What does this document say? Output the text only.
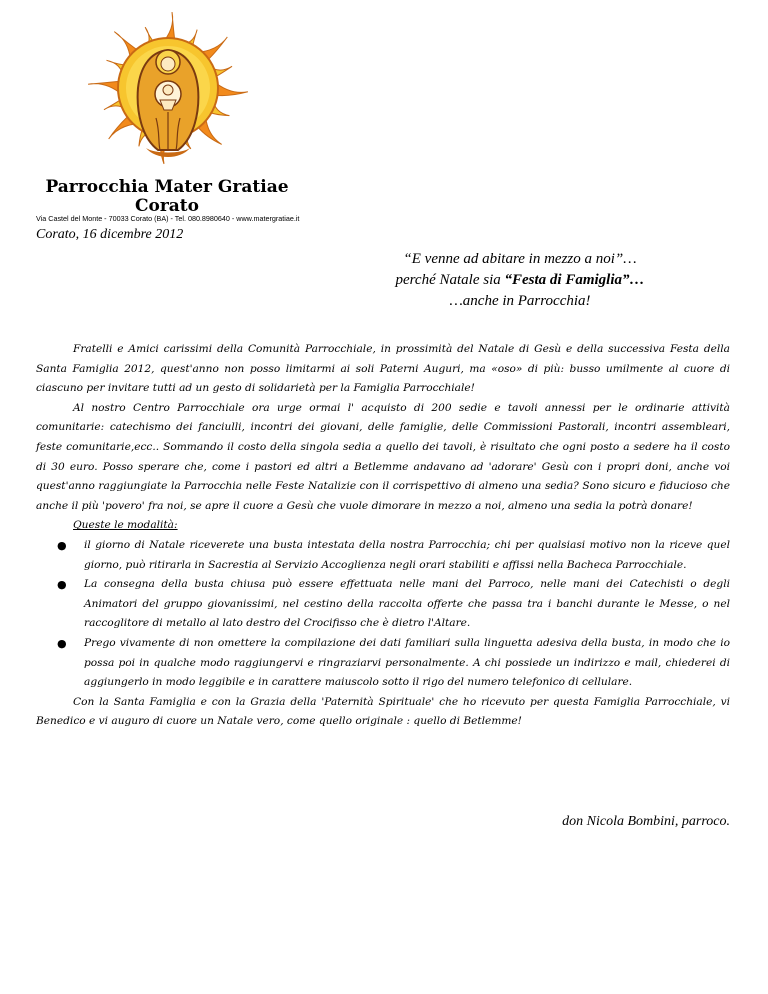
Parrocchia Mater Gratiae
Corato
Via Castel del Monte - 70033 Corato (BA) - Tel. 080.8980640 - www.matergratiae.it
Corato, 16 dicembre 2012
“E venne ad abitare in mezzo a noi”…
perché Natale sia “Festa di Famiglia”…
…anche in Parrocchia!

Fratelli e Amici carissimi della Comunità Parrocchiale, in prossimità del Natale di Gesù e della successiva Festa della Santa Famiglia 2012, quest'anno non posso limitarmi ai soli Paterni Auguri, ma «oso» di più: busso umilmente al cuore di ciascuno per invitare tutti ad un gesto di solidarietà per la Famiglia Parrocchiale!

Al nostro Centro Parrocchiale ora urge ormai l' acquisto di 200 sedie e tavoli annessi per le ordinarie attività comunitarie: catechismo dei fanciulli, incontri dei giovani, delle famiglie, delle Commissioni Pastorali, incontri assembleari, feste comunitarie,ecc.. Sommando il costo della singola sedia a quello dei tavoli, è risultato che ogni posto a sedere ha il costo di 30 euro. Posso sperare che, come i pastori ed altri a Betlemme andavano ad 'adorare' Gesù con i propri doni, anche voi quest'anno raggiungiate la Parrocchia nelle Feste Natalizie con il corrispettivo di almeno una sedia? Sono sicuro e fiducioso che anche il più 'povero' fra noi, se apre il cuore a Gesù che vuole dimorare in mezzo a noi, almeno una sedia la potrà donare!

Queste le modalità:
● il giorno di Natale riceverete una busta intestata della nostra Parrocchia; chi per qualsiasi motivo non la riceve quel giorno, può ritirarla in Sacrestia al Servizio Accoglienza negli orari stabiliti e affissi nella Bacheca Parrocchiale.
● La consegna della busta chiusa può essere effettuata nelle mani del Parroco, nelle mani dei Catechisti o degli Animatori del gruppo giovanissimi, nel cestino della raccolta offerte che passa tra i banchi durante le Messe, o nel raccoglitore di metallo al lato destro del Crocifisso che è dietro l'Altare.
● Prego vivamente di non omettere la compilazione dei dati familiari sulla linguetta adesiva della busta, in modo che io possa poi in qualche modo raggiungervi e ringraziarvi personalmente. A chi possiede un indirizzo e mail, chiederei di aggiungerlo in modo leggibile e in carattere maiuscolo sotto il rigo del numero telefonico di cellulare.

Con la Santa Famiglia e con la Grazia della 'Paternità Spirituale' che ho ricevuto per questa Famiglia Parrocchiale, vi Benedico e vi auguro di cuore un Natale vero, come quello originale : quello di Betlemme!

don Nicola Bombini, parroco.
